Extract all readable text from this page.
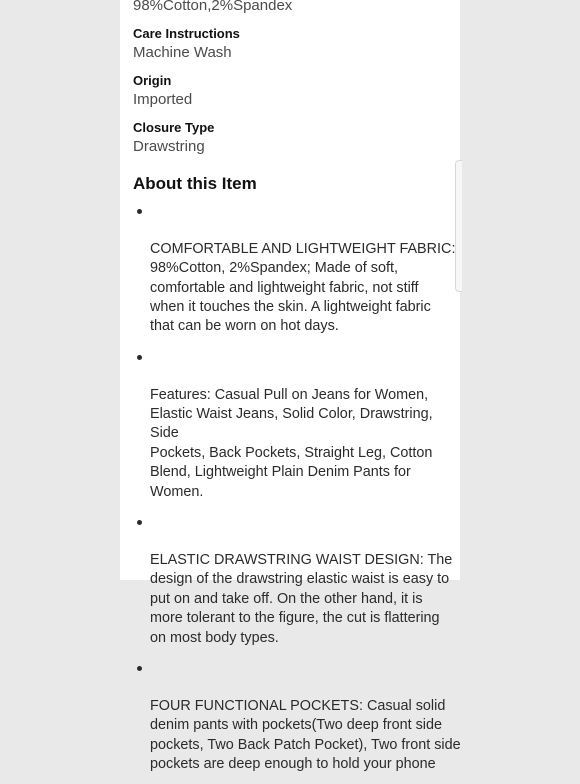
98%Cotton,2%Spandex

Care Instructions

Machine Wash

Origin

Imported

Closure Type

Drawstring

About this Item

COMFORTABLE AND LIGHTWEIGHT FABRIC:
98%Cotton, 2%Spandex; Made of soft,
comfortable and lightweight fabric, not stiff
when it touches the skin. A lightweight fabric
that can be worn on hot days.

Features: Casual Pull on Jeans for Women,
Elastic Waist Jeans, Solid Color, Drawstring, Side
Pockets, Back Pockets, Straight Leg, Cotton
Blend, Lightweight Plain Denim Pants for
Women.

ELASTIC DRAWSTRING WAIST DESIGN: The
design of the drawstring elastic waist is easy to
put on and take off. On the other hand, it is
more tolerant to the figure, the cut is flattering
on most body types.

FOUR FUNCTIONAL POCKETS: Casual solid
denim pants with pockets(Two deep front side
pockets, Two Back Patch Pocket), Two front side
pockets are deep enough to hold your phone
